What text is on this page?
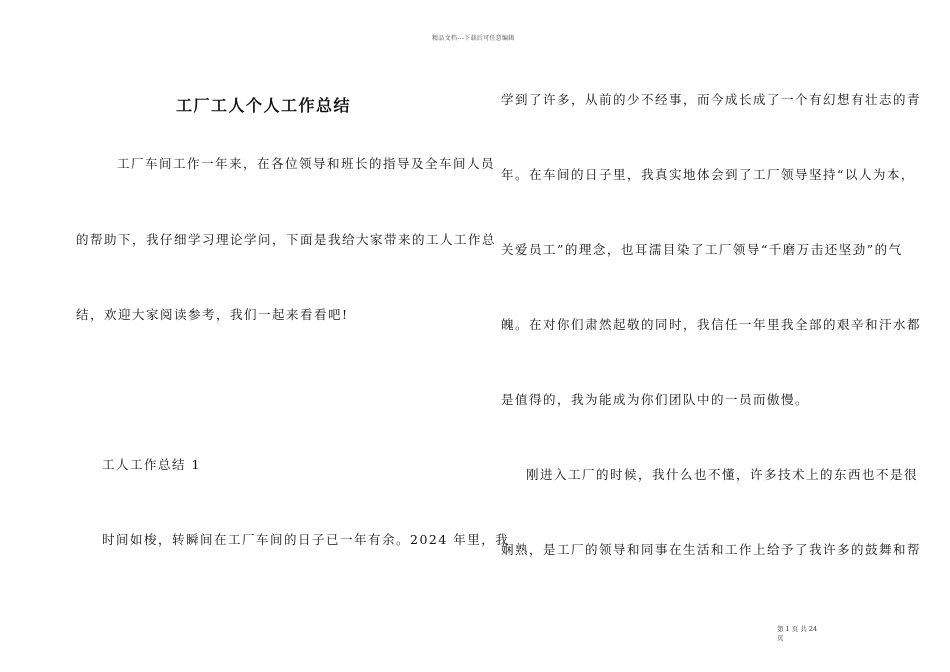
精品文档---下载后可任意编辑
工厂工人个人工作总结
工厂车间工作一年来，在各位领导和班长的指导及全车间人员
的帮助下，我仔细学习理论学问，下面是我给大家带来的工人工作总
结，欢迎大家阅读参考，我们一起来看看吧!
工人工作总结 1
时间如梭，转瞬间在工厂车间的日子已一年有余。2024 年里，我
学到了许多，从前的少不经事，而今成长成了一个有幻想有壮志的青
年。在车间的日子里，我真实地体会到了工厂领导坚持“以人为本，
关爱员工”的理念，也耳濡目染了工厂领导“千磨万击还坚劲”的气
魄。在对你们肃然起敬的同时，我信任一年里我全部的艰辛和汗水都
是值得的，我为能成为你们团队中的一员而傲慢。
刚进入工厂的时候，我什么也不懂，许多技术上的东西也不是很
娴熟，是工厂的领导和同事在生活和工作上给予了我许多的鼓舞和帮
第 1 页 共 24
页
